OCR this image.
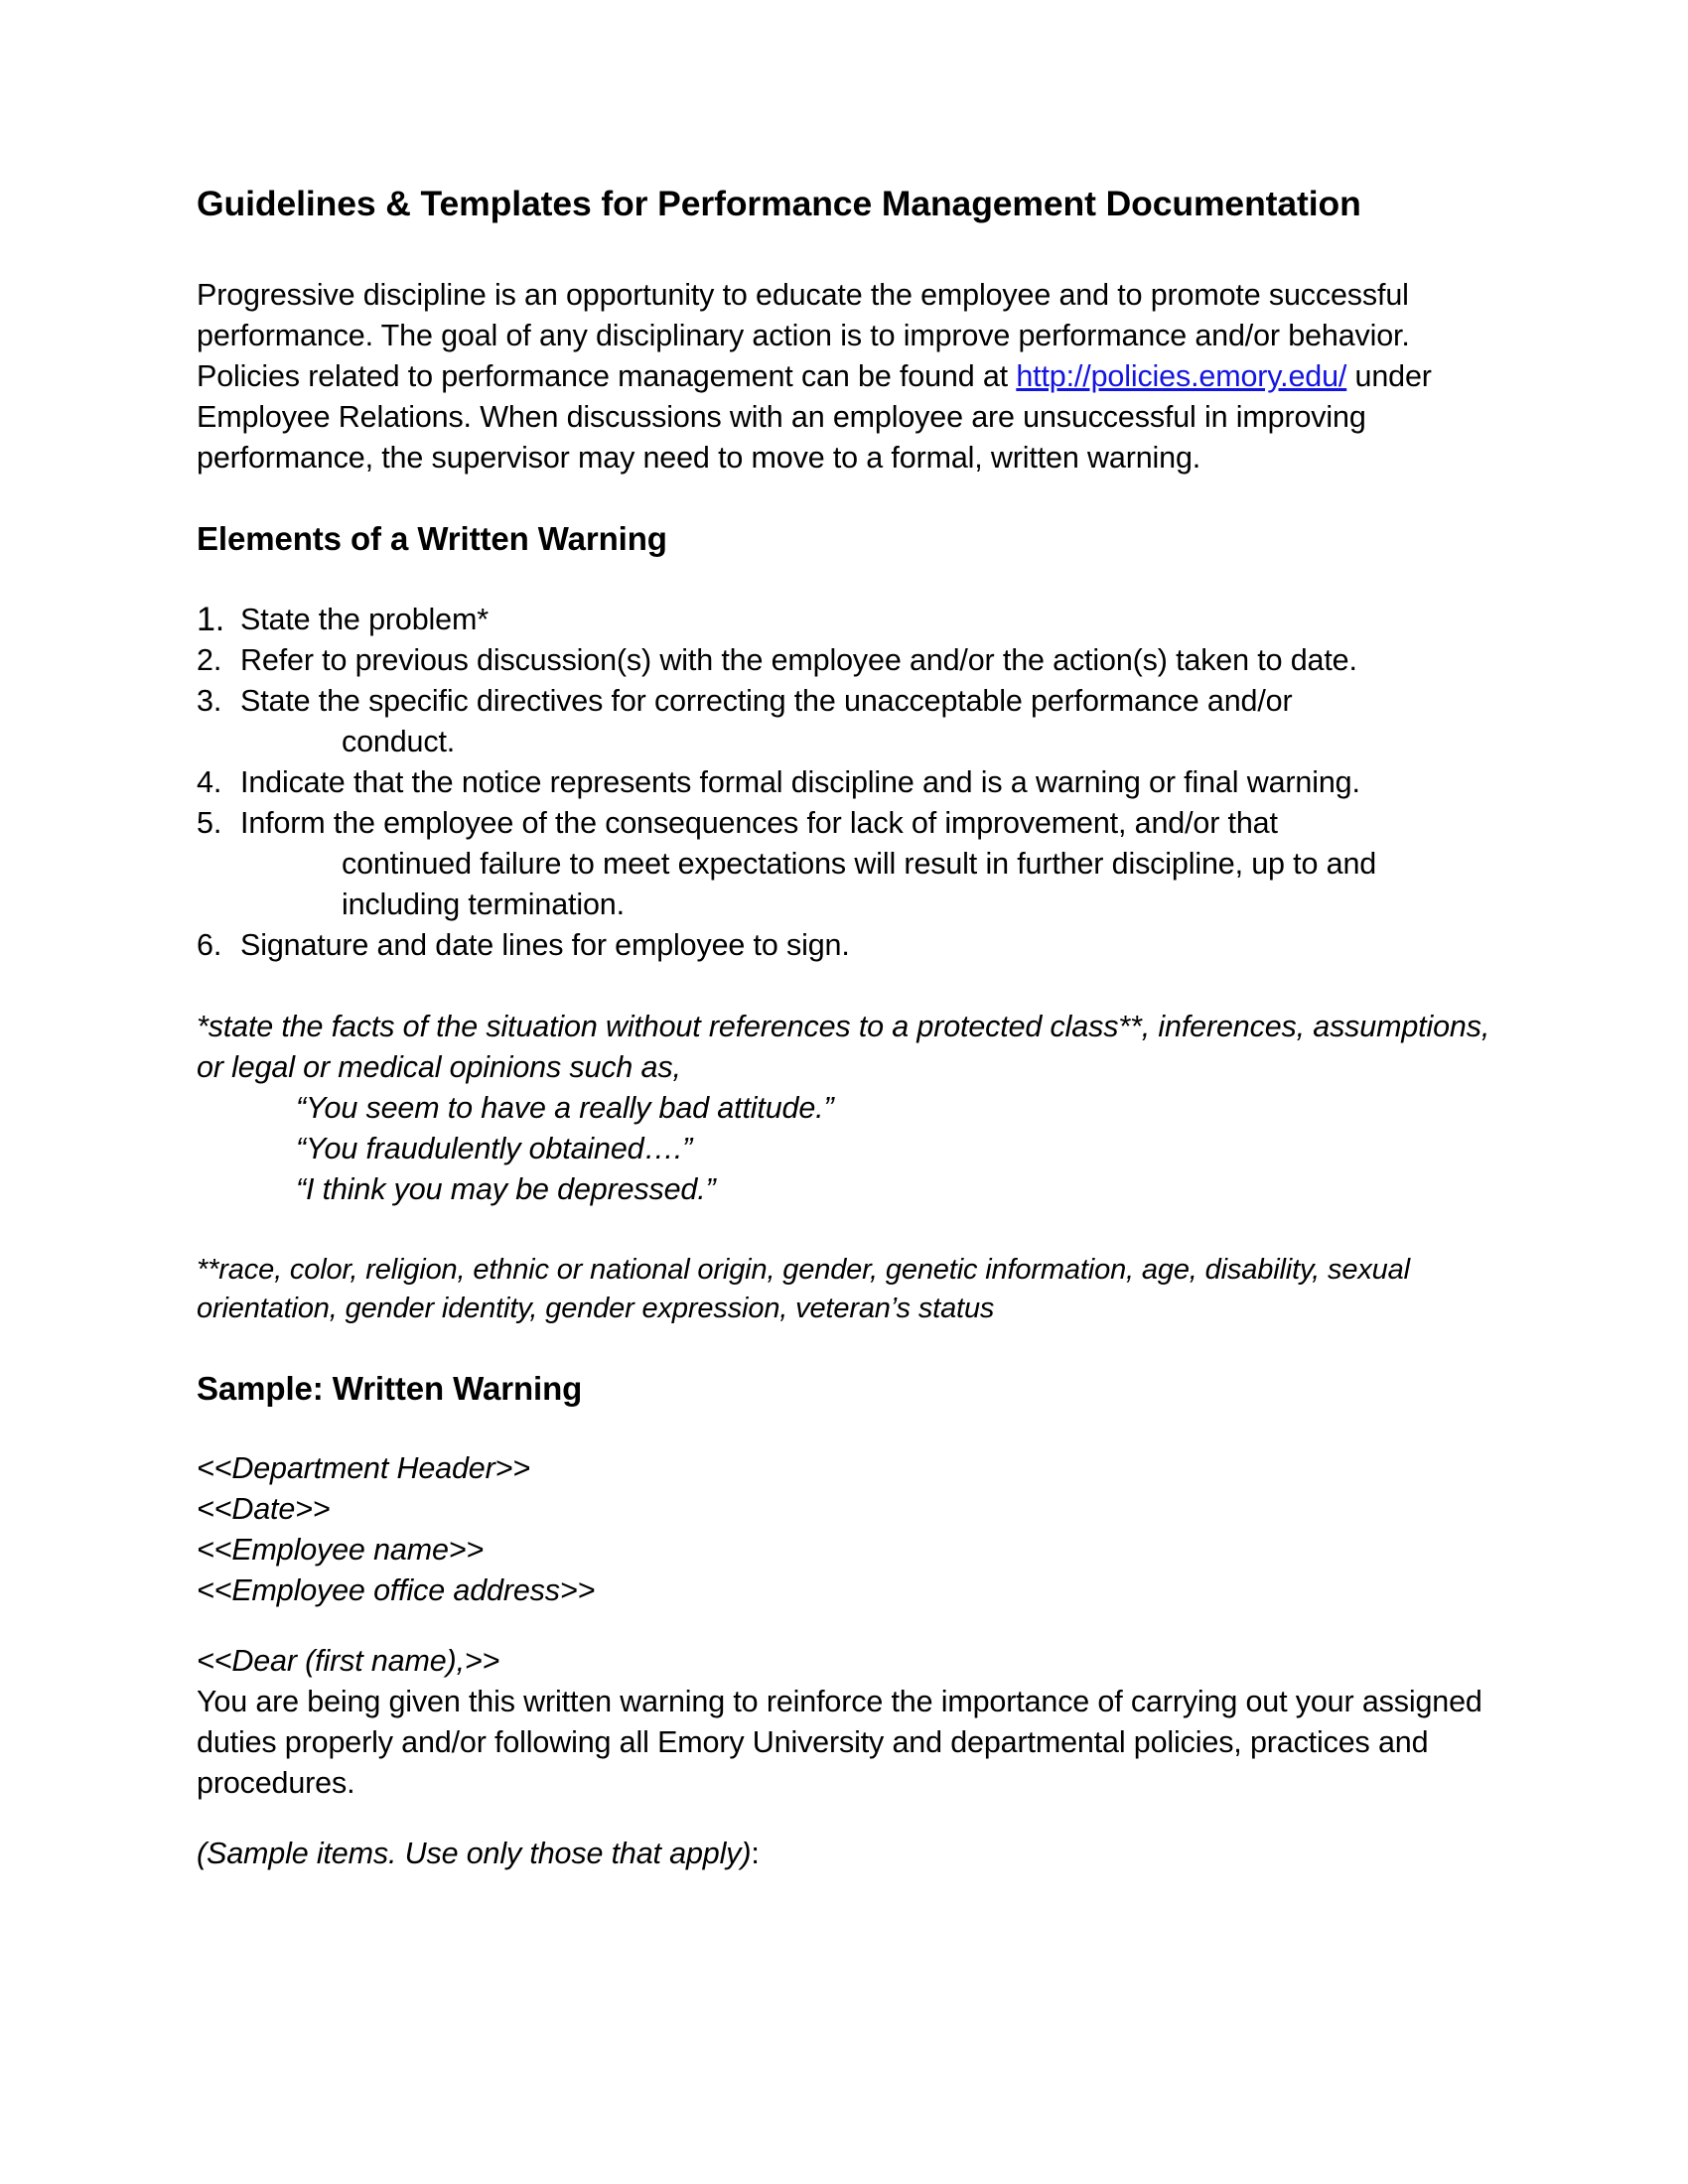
Guidelines & Templates for Performance Management Documentation

Progressive discipline is an opportunity to educate the employee and to promote successful performance. The goal of any disciplinary action is to improve performance and/or behavior. Policies related to performance management can be found at http://policies.emory.edu/ under Employee Relations. When discussions with an employee are unsuccessful in improving performance, the supervisor may need to move to a formal, written warning.

Elements of a Written Warning
1. State the problem*
2. Refer to previous discussion(s) with the employee and/or the action(s) taken to date.
3. State the specific directives for correcting the unacceptable performance and/or
conduct.
4. Indicate that the notice represents formal discipline and is a warning or final warning.
5. Inform the employee of the consequences for lack of improvement, and/or that
continued failure to meet expectations will result in further discipline, up to and including termination.
6. Signature and date lines for employee to sign.

*state the facts of the situation without references to a protected class**, inferences, assumptions, or legal or medical opinions such as,
“You seem to have a really bad attitude.”
“You fraudulently obtained….”
“I think you may be depressed.”

**race, color, religion, ethnic or national origin, gender, genetic information, age, disability, sexual orientation, gender identity, gender expression, veteran’s status

Sample: Written Warning
<<Department Header>>
<<Date>>
<<Employee name>>
<<Employee office address>>
<<Dear (first name),>>

You are being given this written warning to reinforce the importance of carrying out your assigned duties properly and/or following all Emory University and departmental policies, practices and procedures.

(Sample items. Use only those that apply):
